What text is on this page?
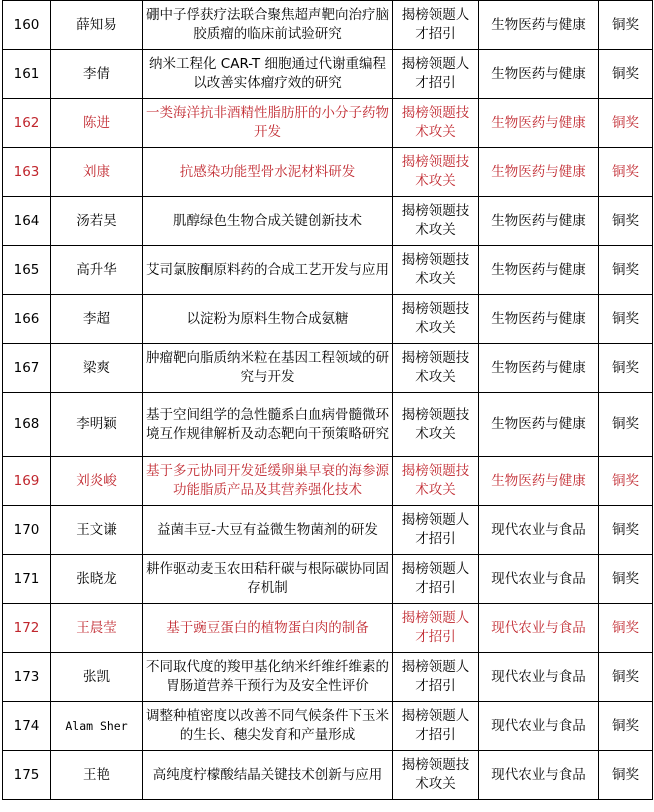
160	薛知易	硼中子俘获疗法联合聚焦超声靶向治疗脑胶质瘤的临床前试验研究	揭榜领题人才招引	生物医药与健康	铜奖
161	李倩	纳米工程化 CAR-T 细胞通过代谢重编程以改善实体瘤疗效的研究	揭榜领题人才招引	生物医药与健康	铜奖
162	陈进	一类海洋抗非酒精性脂肪肝的小分子药物开发	揭榜领题技术攻关	生物医药与健康	铜奖
163	刘康	抗感染功能型骨水泥材料研发	揭榜领题技术攻关	生物医药与健康	铜奖
164	汤若昊	肌醇绿色生物合成关键创新技术	揭榜领题技术攻关	生物医药与健康	铜奖
165	高升华	艾司氯胺酮原料药的合成工艺开发与应用	揭榜领题技术攻关	生物医药与健康	铜奖
166	李超	以淀粉为原料生物合成氨糖	揭榜领题技术攻关	生物医药与健康	铜奖
167	梁爽	肿瘤靶向脂质纳米粒在基因工程领域的研究与开发	揭榜领题技术攻关	生物医药与健康	铜奖
168	李明颖	基于空间组学的急性髓系白血病骨髓微环境互作规律解析及动态靶向干预策略研究	揭榜领题技术攻关	生物医药与健康	铜奖
169	刘炎峻	基于多元协同开发延缓卵巢早衰的海参源功能脂质产品及其营养强化技术	揭榜领题技术攻关	生物医药与健康	铜奖
170	王文谦	益菌丰豆-大豆有益微生物菌剂的研发	揭榜领题人才招引	现代农业与食品	铜奖
171	张晓龙	耕作驱动麦玉农田秸秆碳与根际碳协同固存机制	揭榜领题人才招引	现代农业与食品	铜奖
172	王晨莹	基于豌豆蛋白的植物蛋白肉的制备	揭榜领题人才招引	现代农业与食品	铜奖
173	张凯	不同取代度的羧甲基化纳米纤维纤维素的胃肠道营养干预行为及安全性评价	揭榜领题人才招引	现代农业与食品	铜奖
174	Alam Sher	调整种植密度以改善不同气候条件下玉米的生长、穗尖发育和产量形成	揭榜领题人才招引	现代农业与食品	铜奖
175	王艳	高纯度柠檬酸结晶关键技术创新与应用	揭榜领题技术攻关	现代农业与食品	铜奖
